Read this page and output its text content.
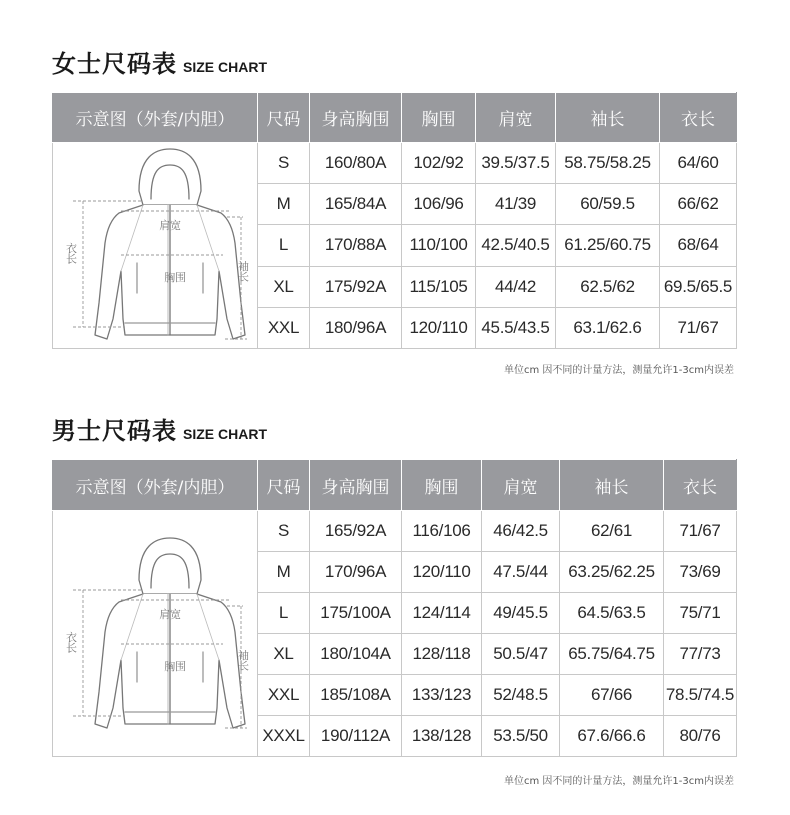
女士尺码表 SIZE CHART
示意图（外套/内胆）	尺码	身高胸围	胸围	肩宽	袖长	衣长

肩宽
胸围
衣长
袖长	S	160/80A	102/92	39.5/37.5	58.75/58.25	64/60
	M	165/84A	106/96	41/39	60/59.5	66/62
	L	170/88A	110/100	42.5/40.5	61.25/60.75	68/64
	XL	175/92A	115/105	44/42	62.5/62	69.5/65.5
	XXL	180/96A	120/110	45.5/43.5	63.1/62.6	71/67
单位cm 因不同的计量方法，测量允许1-3cm内误差
男士尺码表 SIZE CHART
示意图（外套/内胆）	尺码	身高胸围	胸围	肩宽	袖长	衣长

肩宽
胸围
衣长
袖长	S	165/92A	116/106	46/42.5	62/61	71/67
	M	170/96A	120/110	47.5/44	63.25/62.25	73/69
	L	175/100A	124/114	49/45.5	64.5/63.5	75/71
	XL	180/104A	128/118	50.5/47	65.75/64.75	77/73
	XXL	185/108A	133/123	52/48.5	67/66	78.5/74.5
	XXXL	190/112A	138/128	53.5/50	67.6/66.6	80/76
单位cm 因不同的计量方法，测量允许1-3cm内误差
